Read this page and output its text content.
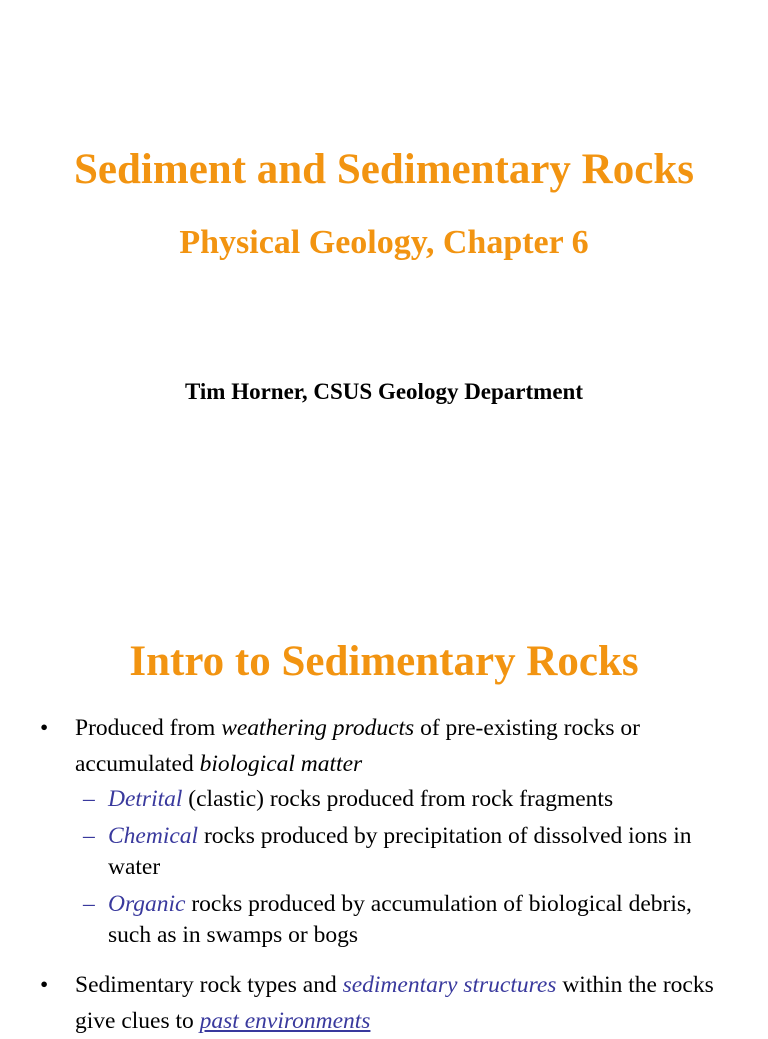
Sediment and Sedimentary Rocks
Physical Geology, Chapter 6

Tim Horner, CSUS Geology Department

Intro to Sedimentary Rocks
• Produced from weathering products of pre-existing rocks or accumulated biological matter
– Detrital (clastic) rocks produced from rock fragments
– Chemical rocks produced by precipitation of dissolved ions in water
– Organic rocks produced by accumulation of biological debris, such as in swamps or bogs
• Sedimentary rock types and sedimentary structures within the rocks give clues to past environments
